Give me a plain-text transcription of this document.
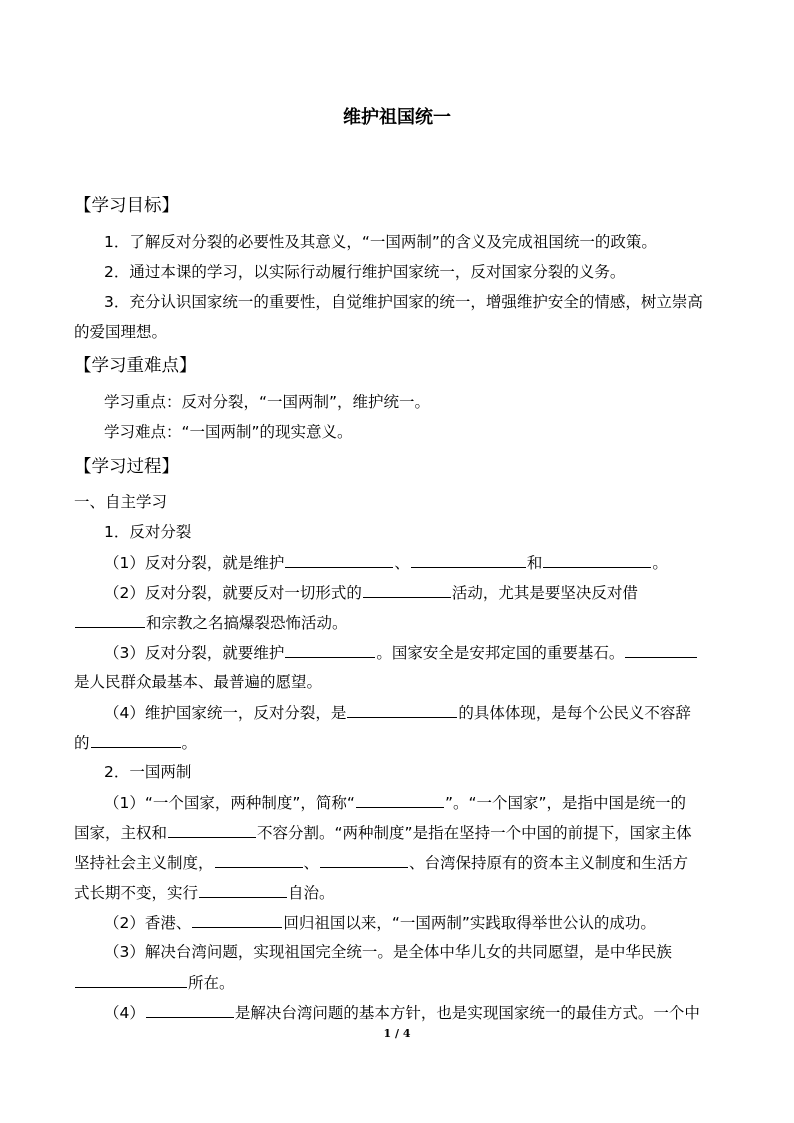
维护祖国统一
【学习目标】
1．了解反对分裂的必要性及其意义，“一国两制”的含义及完成祖国统一的政策。
2．通过本课的学习，以实际行动履行维护国家统一，反对国家分裂的义务。
3．充分认识国家统一的重要性，自觉维护国家的统一，增强维护安全的情感，树立崇高
的爱国理想。
【学习重难点】
学习重点：反对分裂，“一国两制”，维护统一。
学习难点：“一国两制”的现实意义。
【学习过程】
一、自主学习
1．反对分裂
（1）反对分裂，就是维护	、	和	。
（2）反对分裂，就要反对一切形式的	活动，尤其是要坚决反对借
和宗教之名搞爆裂恐怖活动。
（3）反对分裂，就要维护	。国家安全是安邦定国的重要基石。
是人民群众最基本、最普遍的愿望。
（4）维护国家统一，反对分裂，是	的具体体现，是每个公民义不容辞
的	。
2．一国两制
（1）“一个国家，两种制度”，简称“	”。“一个国家”，是指中国是统一的
国家，主权和	不容分割。“两种制度”是指在坚持一个中国的前提下，国家主体
坚持社会主义制度，	、	、台湾保持原有的资本主义制度和生活方
式长期不变，实行	自治。
（2）香港、	回归祖国以来，“一国两制”实践取得举世公认的成功。
（3）解决台湾问题，实现祖国完全统一。是全体中华儿女的共同愿望，是中华民族
所在。
（4）	是解决台湾问题的基本方针，也是实现国家统一的最佳方式。一个中
1 / 4
